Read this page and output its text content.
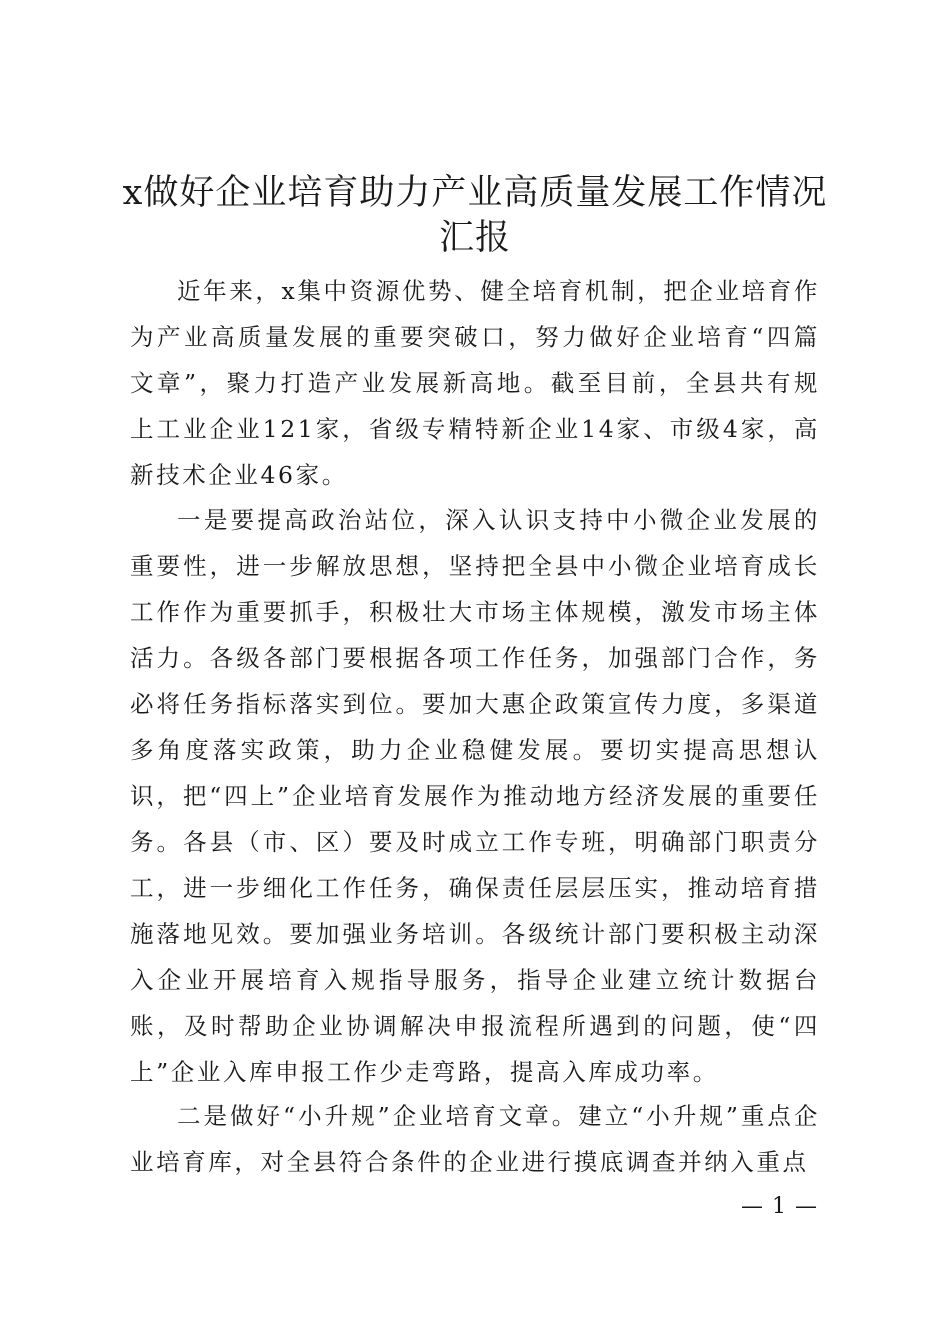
x做好企业培育助力产业高质量发展工作情况
汇报

近年来，x集中资源优势、健全培育机制，把企业培育作为产业高质量发展的重要突破口，努力做好企业培育“四篇文章”，聚力打造产业发展新高地。截至目前，全县共有规上工业企业121家，省级专精特新企业14家、市级4家，高新技术企业46家。

一是要提高政治站位，深入认识支持中小微企业发展的重要性，进一步解放思想，坚持把全县中小微企业培育成长工作作为重要抓手，积极壮大市场主体规模，激发市场主体活力。各级各部门要根据各项工作任务，加强部门合作，务必将任务指标落实到位。要加大惠企政策宣传力度，多渠道多角度落实政策，助力企业稳健发展。要切实提高思想认识，把“四上”企业培育发展作为推动地方经济发展的重要任务。各县（市、区）要及时成立工作专班，明确部门职责分工，进一步细化工作任务，确保责任层层压实，推动培育措施落地见效。要加强业务培训。各级统计部门要积极主动深入企业开展培育入规指导服务，指导企业建立统计数据台账，及时帮助企业协调解决申报流程所遇到的问题，使“四上”企业入库申报工作少走弯路，提高入库成功率。

二是做好“小升规”企业培育文章。建立“小升规”重点企业培育库，对全县符合条件的企业进行摸底调查并纳入重点

— 1 —
